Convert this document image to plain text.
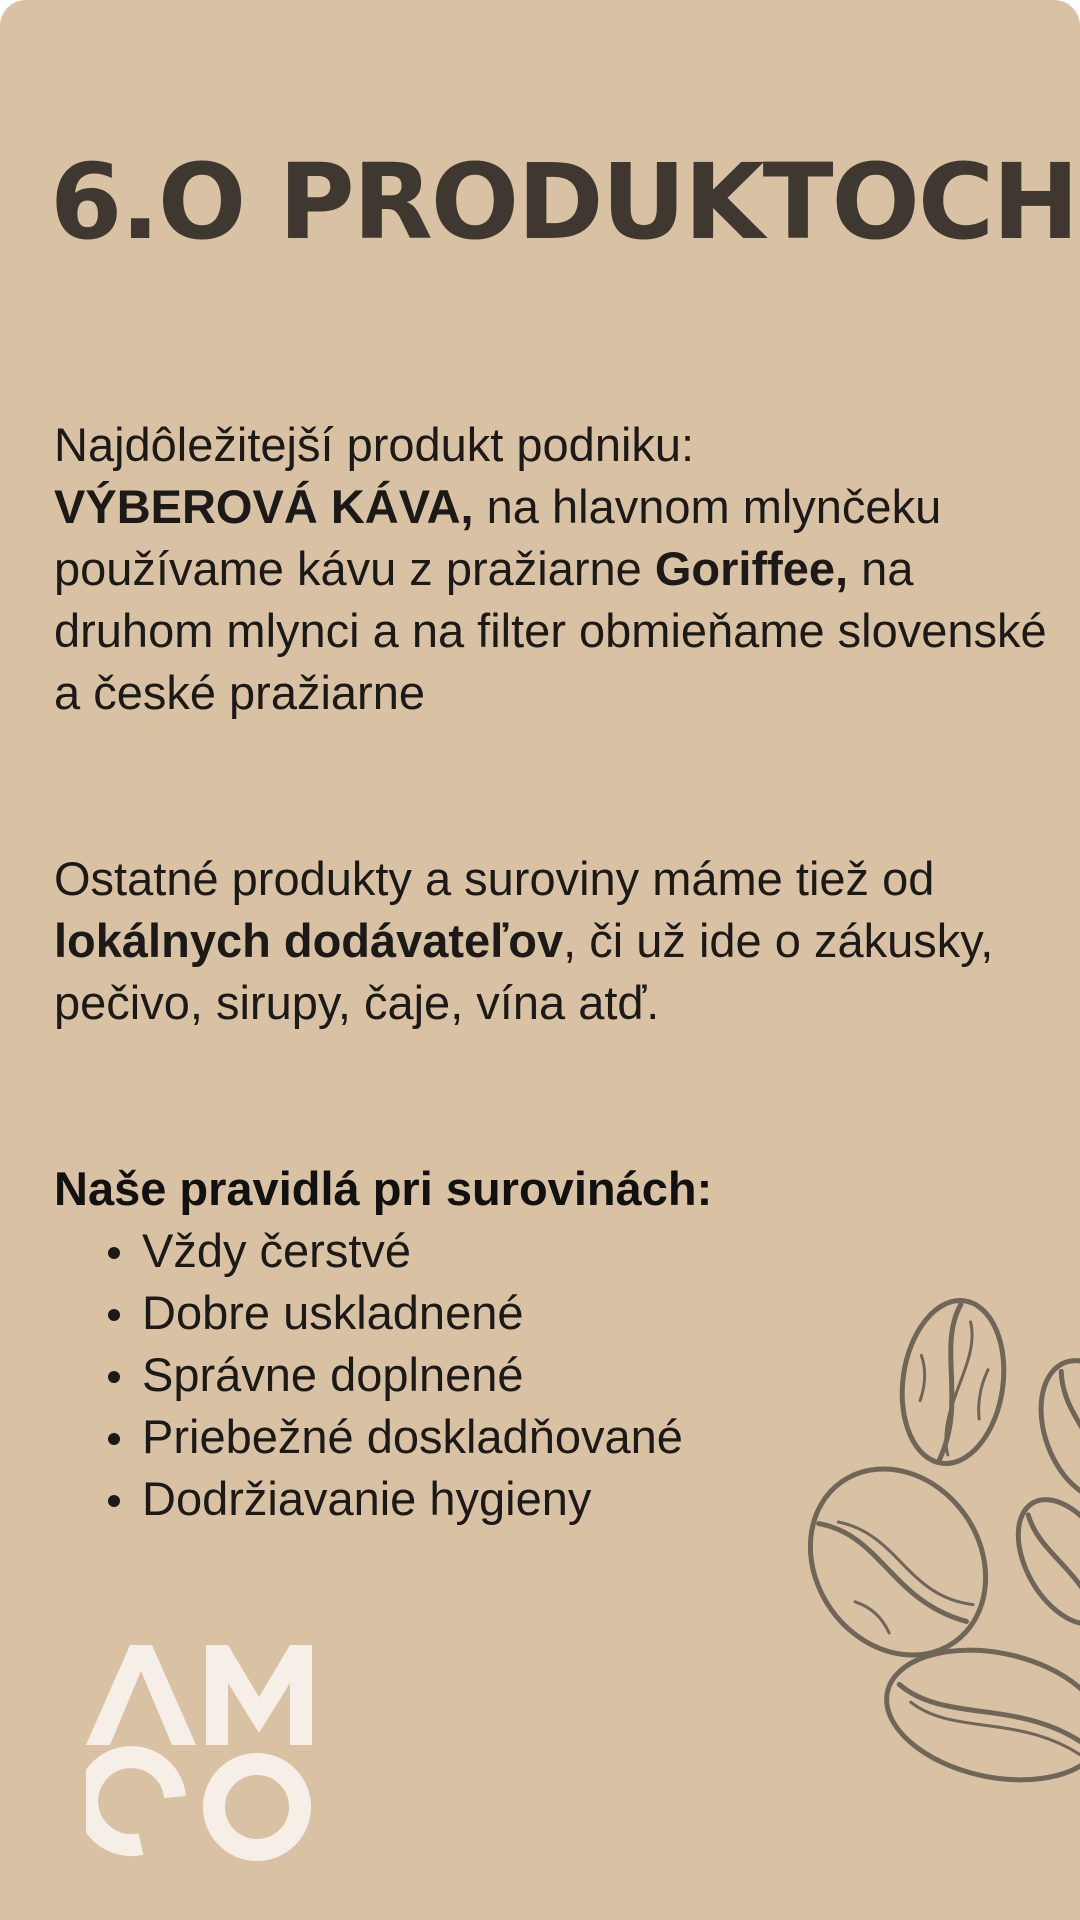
6.O PRODUKTOCH
Najdôležitejší produkt podniku:
VÝBEROVÁ KÁVA, na hlavnom mlynčeku používame kávu z pražiarne Goriffee, na druhom mlynci a na filter obmieňame slovenské a české pražiarne
Ostatné produkty a suroviny máme tiež od lokálnych dodávateľov, či už ide o zákusky, pečivo, sirupy, čaje, vína atď.
Naše pravidlá pri surovinách:
Vždy čerstvé
Dobre uskladnené
Správne doplnené
Priebežné doskladňované
Dodržiavanie hygieny
